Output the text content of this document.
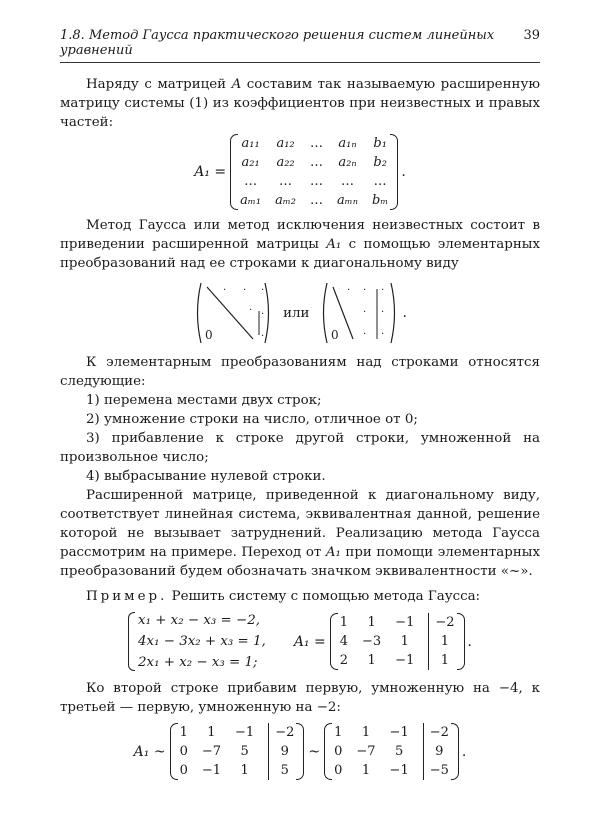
1.8. Метод Гаусса практического решения систем линейных уравнений
39

Наряду с матрицей A составим так называемую расширенную матрицу системы (1) из коэффициентов при неизвестных и правых частей:

A₁ =
a₁₁ a₁₂ … a₁ₙ b₁
a₂₁ a₂₂ … a₂ₙ b₂
…	…	…	…	…
aₘ₁ aₘ₂ … aₘₙ bₘ
.

Метод Гаусса или метод исключения неизвестных состоит в приведении расширенной матрицы A₁ с помощью элементарных преобразований над ее строками к диагональному виду

· ·
·
·
·
·
0
или
· ·
·
·
·
·
·
0
.

К элементарным преобразованиям над строками относятся следующие:

1) перемена местами двух строк;

2) умножение строки на число, отличное от 0;

3) прибавление к строке другой строки, умноженной на произвольное число;

4) выбрасывание нулевой строки.

Расширенной матрице, приведенной к диагональному виду, соответствует линейная система, эквивалентная данной, решение которой не вызывает затруднений. Реализацию метода Гаусса рассмотрим на примере. Переход от A₁ при помощи элементарных преобразований будем обозначать значком эквивалентности «~».

Пример. Решить систему с помощью метода Гаусса:

x₁ + x₂ − x₃ = −2,
4x₁ − 3x₂ + x₃ = 1,
2x₁ + x₂ − x₃ = 1;
A₁ =
1	1	−1	−2
4 −3	1	1
2	1	−1	1
.

Ко второй строке прибавим первую, умноженную на −4, к третьей — первую, умноженную на −2:

A₁ ~
1	1	−1	−2
0 −7	5	9
0 −1	1	5
~
1	1	−1	−2
0 −7	5	9
0	1	−1	−5
.
